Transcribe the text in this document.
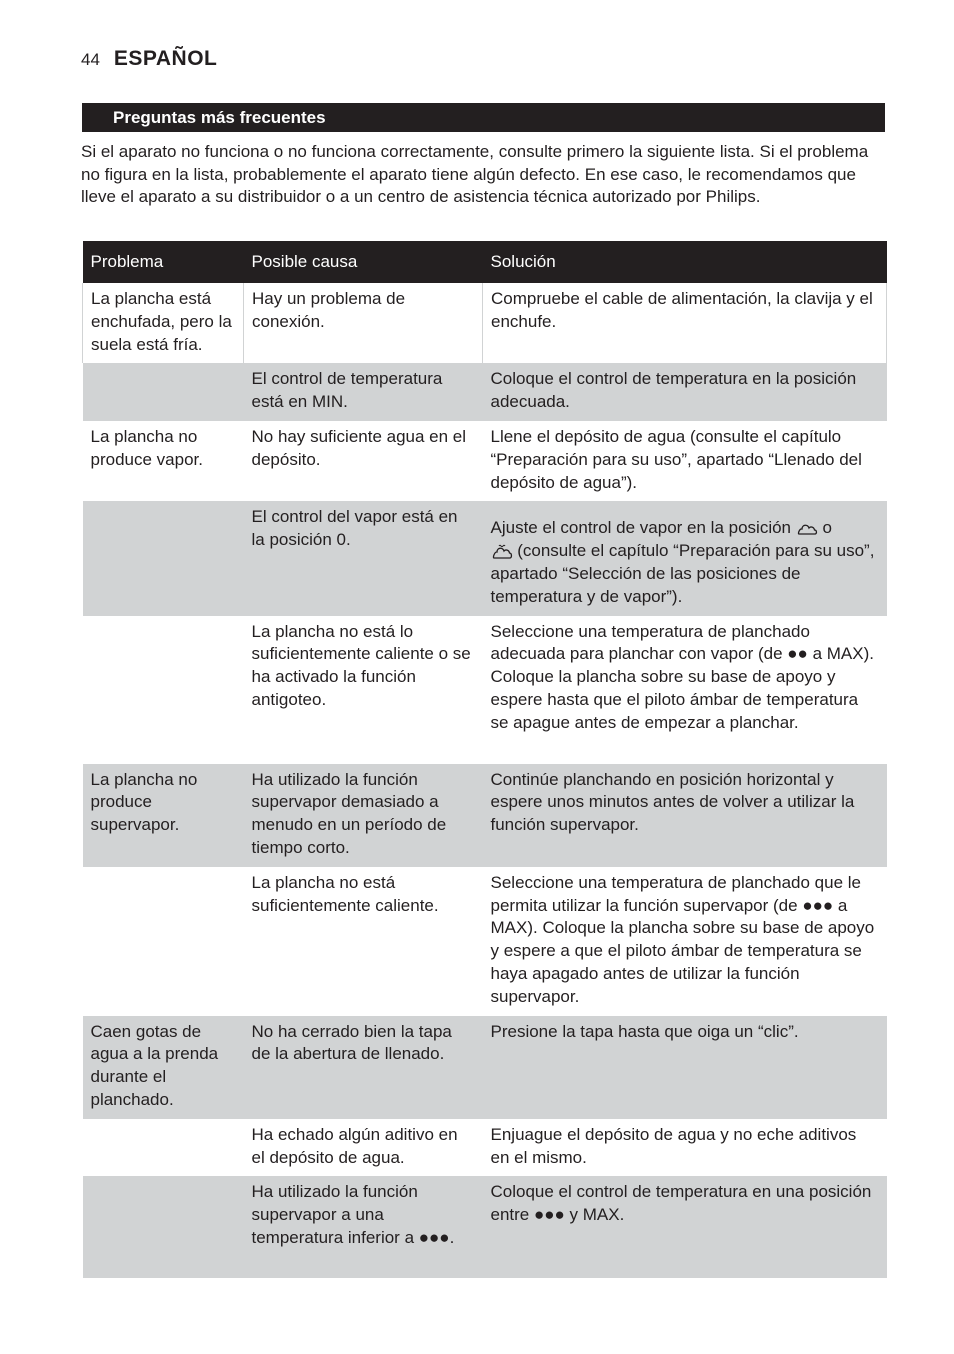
44 ESPAÑOL
Preguntas más frecuentes

Si el aparato no funciona o no funciona correctamente, consulte primero la siguiente lista. Si el problema no figura en la lista, probablemente el aparato tiene algún defecto. En ese caso, le recomendamos que lleve el aparato a su distribuidor o a un centro de asistencia técnica autorizado por Philips.

Problema	Posible causa	Solución
La plancha está enchufada, pero la suela está fría.	Hay un problema de conexión.	Compruebe el cable de alimentación, la clavija y el enchufe.
	El control de temperatura está en MIN.	Coloque el control de temperatura en la posición adecuada.
La plancha no produce vapor.	No hay suficiente agua en el depósito.	Llene el depósito de agua (consulte el capítulo “Preparación para su uso”, apartado “Llenado del depósito de agua”).
	El control del vapor está en la posición 0.	Ajuste el control de vapor en la posición o
(consulte el capítulo “Preparación para su uso”, apartado “Selección de las posiciones de temperatura y de vapor”).
	La plancha no está lo suficientemente caliente o se ha activado la función antigoteo.	Seleccione una temperatura de planchado adecuada para planchar con vapor (de ●● a MAX). Coloque la plancha sobre su base de apoyo y espere hasta que el piloto ámbar de temperatura se apague antes de empezar a planchar.
La plancha no produce supervapor.	Ha utilizado la función supervapor demasiado a menudo en un período de tiempo corto.	Continúe planchando en posición horizontal y espere unos minutos antes de volver a utilizar la función supervapor.
	La plancha no está suficientemente caliente.	Seleccione una temperatura de planchado que le permita utilizar la función supervapor (de ●●● a MAX). Coloque la plancha sobre su base de apoyo y espere a que el piloto ámbar de temperatura se haya apagado antes de utilizar la función supervapor.
Caen gotas de agua a la prenda durante el planchado.	No ha cerrado bien la tapa de la abertura de llenado.	Presione la tapa hasta que oiga un “clic”.
	Ha echado algún aditivo en el depósito de agua.	Enjuague el depósito de agua y no eche aditivos en el mismo.
	Ha utilizado la función supervapor a una temperatura inferior a ●●●.	Coloque el control de temperatura en una posición entre ●●● y MAX.
